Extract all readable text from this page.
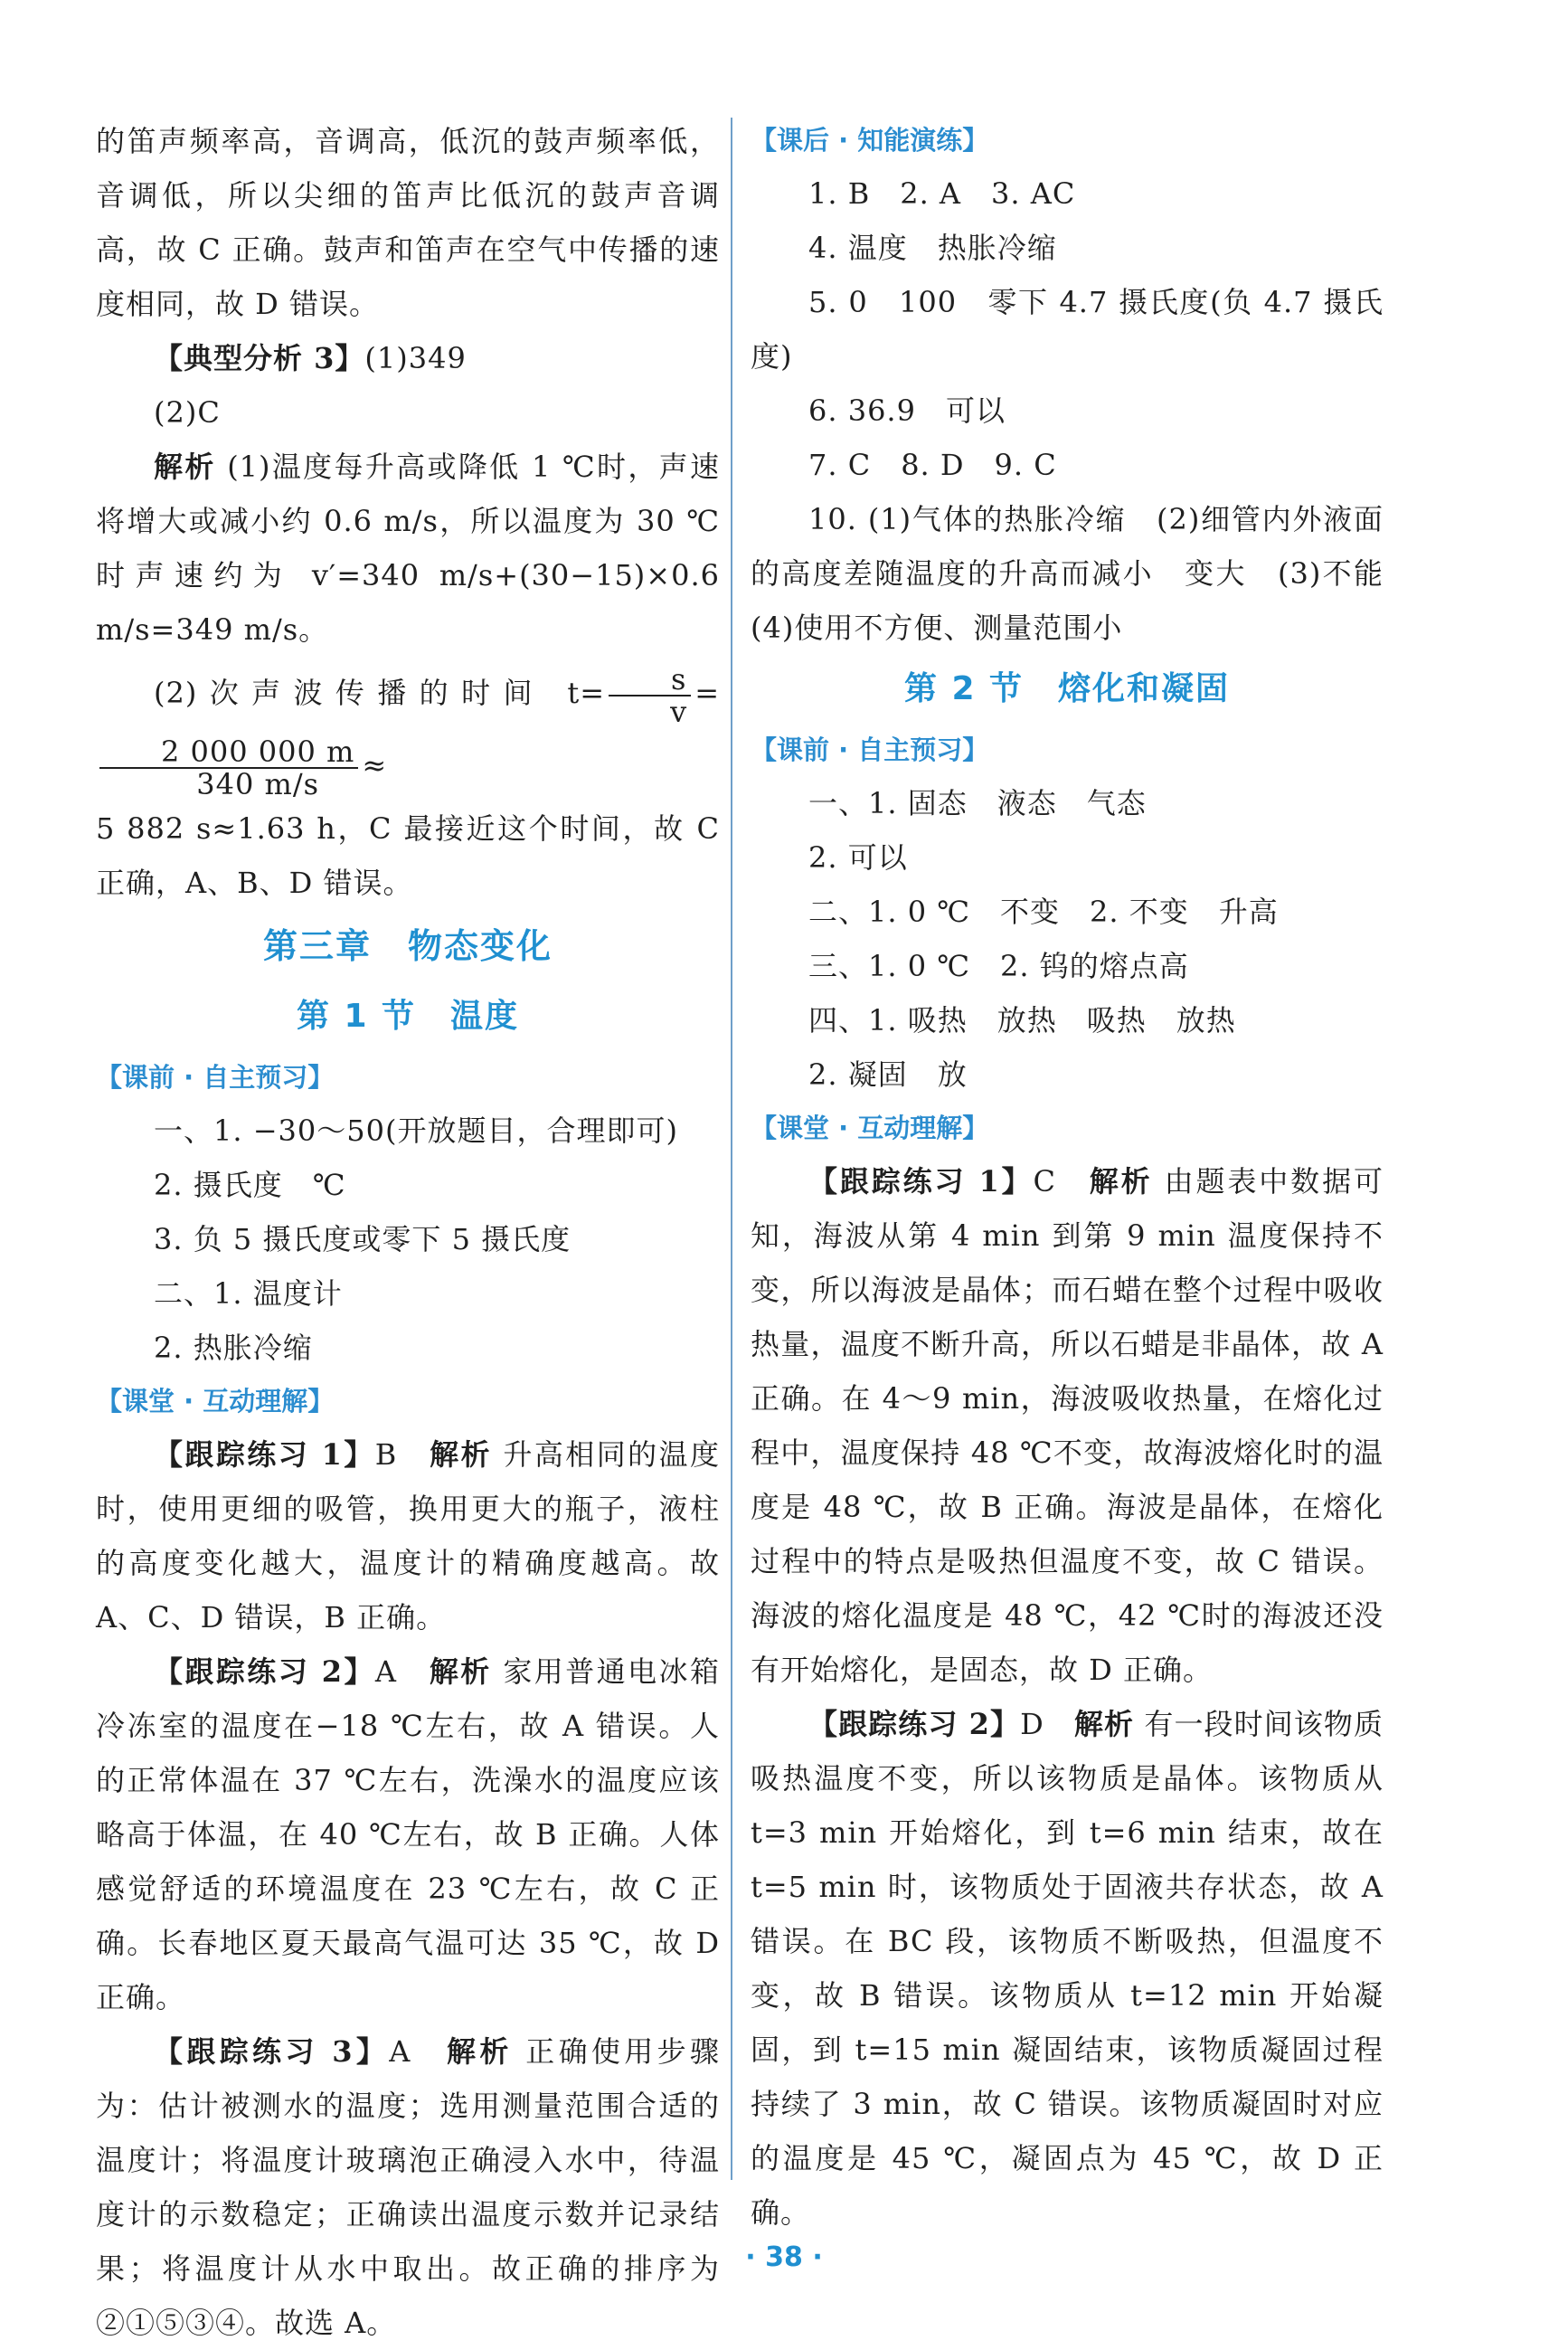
的笛声频率高，音调高，低沉的鼓声频率低，音调低，所以尖细的笛声比低沉的鼓声音调高，故 C 正确。鼓声和笛声在空气中传播的速度相同，故 D 错误。

【典型分析 3】(1)349

(2)C

解析 (1)温度每升高或降低 1 ℃时，声速将增大或减小约 0.6 m/s，所以温度为 30 ℃时声速约为 v′=340 m/s+(30−15)×0.6 m/s=349 m/s。

(2)次声波传播的时间 $t= \frac{s}{v}$ =
$\frac{2 000 000 m}{340 m/s}$ ≈

5 882 s≈1.63 h，C 最接近这个时间，故 C 正确，A、B、D 错误。

第三章　物态变化

第 1 节　温度

【课前 · 自主预习】

一、1. −30～50(开放题目，合理即可)

2. 摄氏度　℃

3. 负 5 摄氏度或零下 5 摄氏度

二、1. 温度计

2. 热胀冷缩

【课堂 · 互动理解】

【跟踪练习 1】B　 解析 升高相同的温度时，使用更细的吸管，换用更大的瓶子，液柱的高度变化越大，温度计的精确度越高。故 A、C、D 错误，B 正确。

【跟踪练习 2】A　 解析 家用普通电冰箱冷冻室的温度在−18 ℃左右，故 A 错误。人的正常体温在 37 ℃左右，洗澡水的温度应该略高于体温，在 40 ℃左右，故 B 正确。人体感觉舒适的环境温度在 23 ℃左右，故 C 正确。长春地区夏天最高气温可达 35 ℃，故 D 正确。

【跟踪练习 3】A　 解析 正确使用步骤为：估计被测水的温度；选用测量范围合适的温度计；将温度计玻璃泡正确浸入水中，待温度计的示数稳定；正确读出温度示数并记录结果；将温度计从水中取出。故正确的排序为②①⑤③④。故选 A。

【课后 · 知能演练】

1. B　2. A　3. AC

4. 温度　热胀冷缩

5. 0　100　零下 4.7 摄氏度(负 4.7 摄氏度)

6. 36.9　可以

7. C　8. D　9. C

10. (1)气体的热胀冷缩　(2)细管内外液面的高度差随温度的升高而减小　变大　(3)不能　(4)使用不方便、测量范围小

第 2 节　熔化和凝固

【课前 · 自主预习】

一、1. 固态　液态　气态

2. 可以

二、1. 0 ℃　不变　2. 不变　升高

三、1. 0 ℃　2. 钨的熔点高

四、1. 吸热　放热　吸热　放热

2. 凝固　放

【课堂 · 互动理解】

【跟踪练习 1】C　 解析 由题表中数据可知，海波从第 4 min 到第 9 min 温度保持不变，所以海波是晶体；而石蜡在整个过程中吸收热量，温度不断升高，所以石蜡是非晶体，故 A 正确。在 4～9 min，海波吸收热量，在熔化过程中，温度保持 48 ℃不变，故海波熔化时的温度是 48 ℃，故 B 正确。海波是晶体，在熔化过程中的特点是吸热但温度不变，故 C 错误。海波的熔化温度是 48 ℃，42 ℃时的海波还没有开始熔化，是固态，故 D 正确。

【跟踪练习 2】D　 解析 有一段时间该物质吸热温度不变，所以该物质是晶体。该物质从 t=3 min 开始熔化，到 t=6 min 结束，故在 t=5 min 时，该物质处于固液共存状态，故 A 错误。在 BC 段，该物质不断吸热，但温度不变，故 B 错误。该物质从 t=12 min 开始凝固，到 t=15 min 凝固结束，该物质凝固过程持续了 3 min，故 C 错误。该物质凝固时对应的温度是 45 ℃，凝固点为 45 ℃，故 D 正确。

· 38 ·
